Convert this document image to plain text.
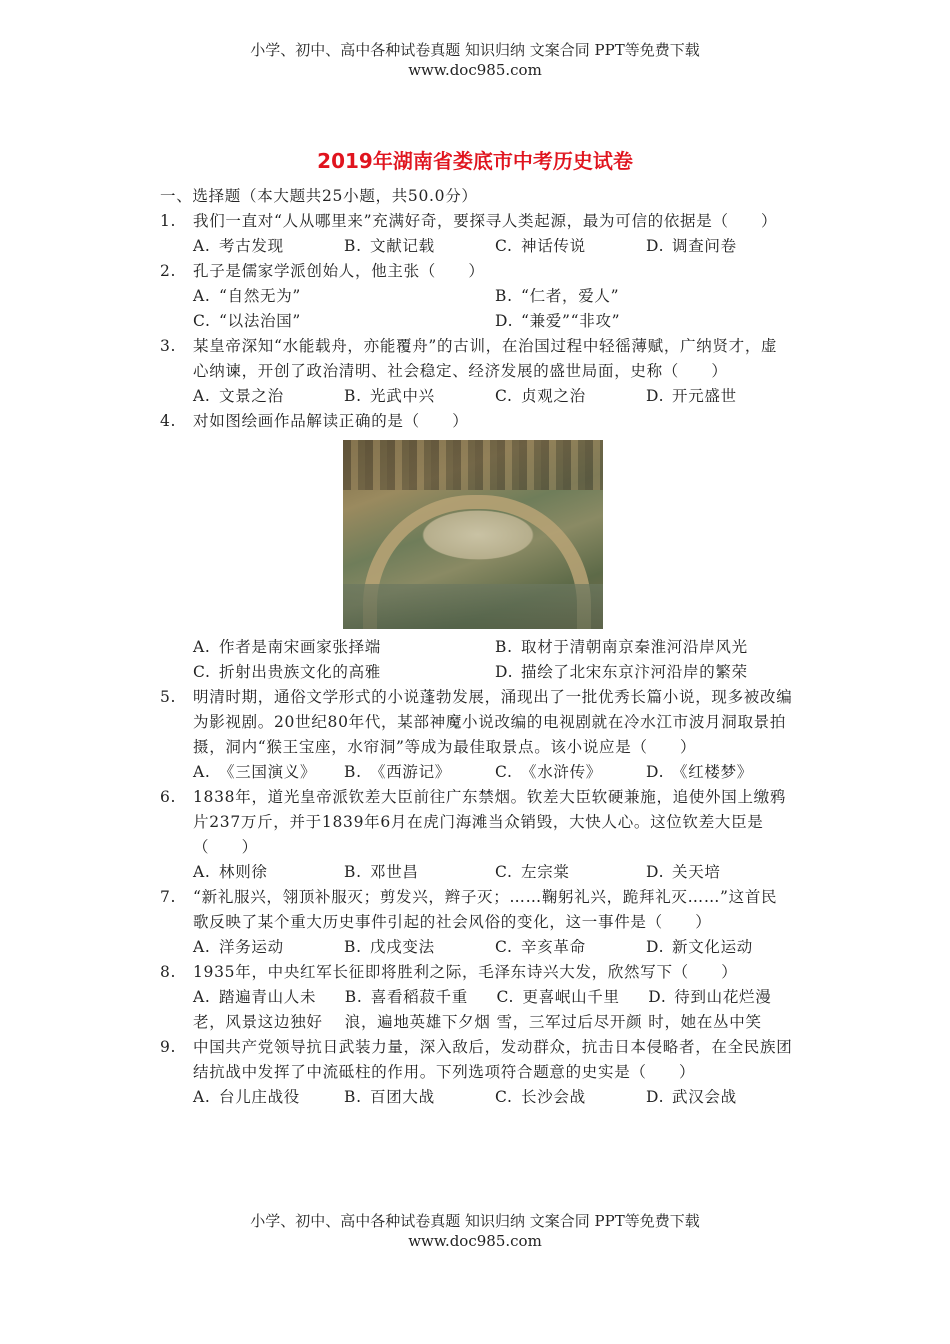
小学、初中、高中各种试卷真题 知识归纳 文案合同 PPT等免费下载
www.doc985.com
2019年湖南省娄底市中考历史试卷
一、选择题（本大题共25小题，共50.0分）
1.	我们一直对“人从哪里来”充满好奇，要探寻人类起源，最为可信的依据是（　　）
A. 考古发现	B. 文献记载	C. 神话传说	D. 调查问卷
2.	孔子是儒家学派创始人，他主张（　　）
A. “自然无为”	B. “仁者，爱人”
C. “以法治国”	D. “兼爱”“非攻”
3.	某皇帝深知“水能载舟，亦能覆舟”的古训，在治国过程中轻徭薄赋，广纳贤才，虚心纳谏，开创了政治清明、社会稳定、经济发展的盛世局面，史称（　　）
A. 文景之治	B. 光武中兴	C. 贞观之治	D. 开元盛世
4.	对如图绘画作品解读正确的是（　　）
A. 作者是南宋画家张择端	B. 取材于清朝南京秦淮河沿岸风光
C. 折射出贵族文化的高雅	D. 描绘了北宋东京汴河沿岸的繁荣
5.	明清时期，通俗文学形式的小说蓬勃发展，涌现出了一批优秀长篇小说，现多被改编为影视剧。20世纪80年代，某部神魔小说改编的电视剧就在冷水江市波月洞取景拍摄，洞内“猴王宝座，水帘洞”等成为最佳取景点。该小说应是（　　）
A. 《三国演义》	B. 《西游记》	C. 《水浒传》	D. 《红楼梦》
6.	1838年，道光皇帝派钦差大臣前往广东禁烟。钦差大臣软硬兼施，追使外国上缴鸦片237万斤，并于1839年6月在虎门海滩当众销毁，大快人心。这位钦差大臣是（　　）
A. 林则徐	B. 邓世昌	C. 左宗棠	D. 关天培
7.	“新礼服兴，翎顶补服灭；剪发兴，辫子灭；……鞠躬礼兴，跪拜礼灭……”这首民歌反映了某个重大历史事件引起的社会风俗的变化，这一事件是（　　）
A. 洋务运动	B. 戊戌变法	C. 辛亥革命	D. 新文化运动
8.	1935年，中央红军长征即将胜利之际，毛泽东诗兴大发，欣然写下（　　）
A. 踏遍青山人未老，风景这边独好
B. 喜看稻菽千重浪，遍地英雄下夕烟
C. 更喜岷山千里雪，三军过后尽开颜
D. 待到山花烂漫时，她在丛中笑
9.	中国共产党领导抗日武装力量，深入敌后，发动群众，抗击日本侵略者，在全民族团结抗战中发挥了中流砥柱的作用。下列选项符合题意的史实是（　　）
A. 台儿庄战役	B. 百团大战	C. 长沙会战	D. 武汉会战
小学、初中、高中各种试卷真题 知识归纳 文案合同 PPT等免费下载
www.doc985.com
